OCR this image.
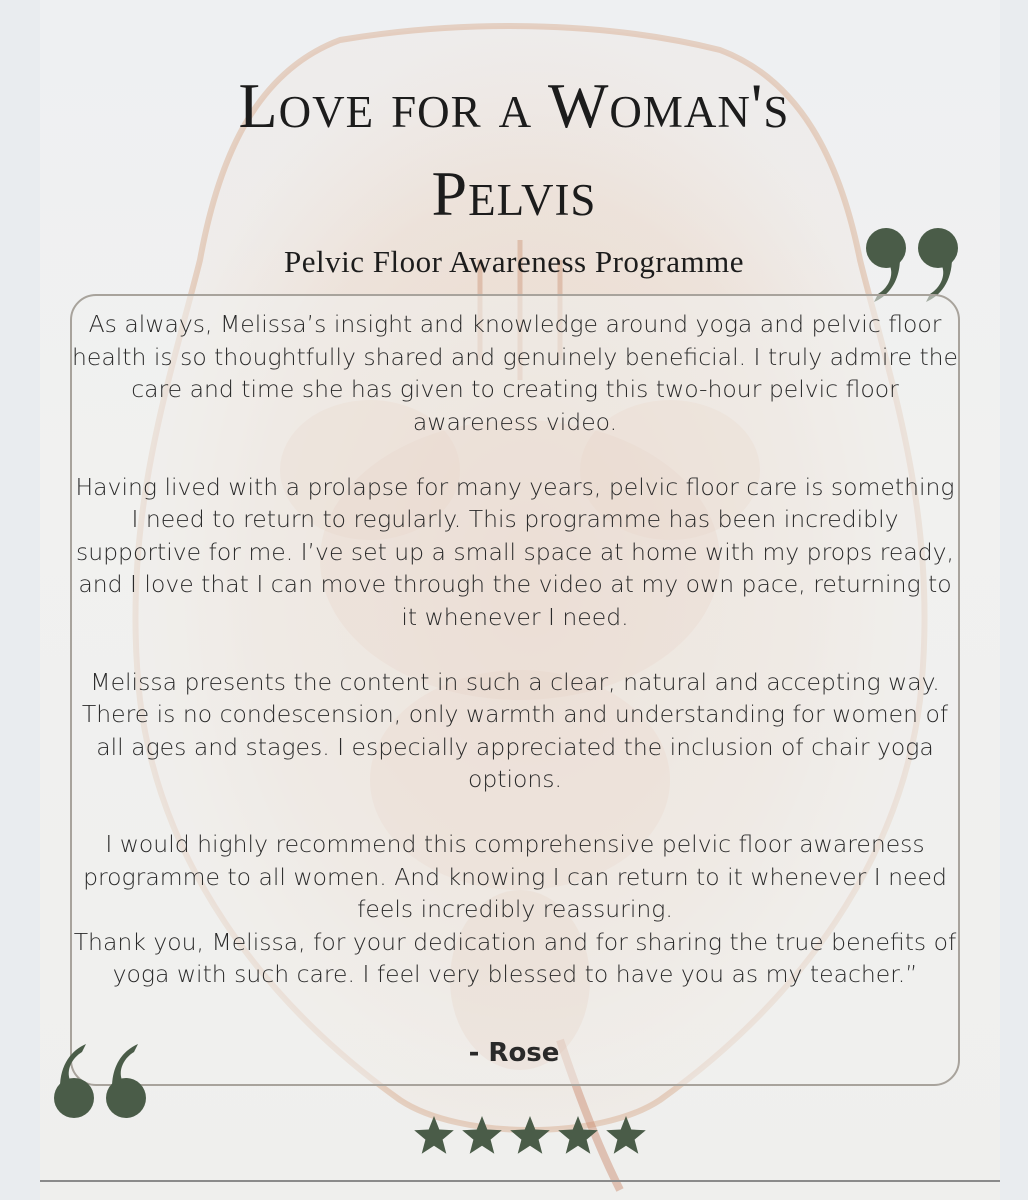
Love for a Woman's
Pelvis
Pelvic Floor Awareness Programme

As always, Melissa’s insight and knowledge around yoga and pelvic floor health is so thoughtfully shared and genuinely beneficial. I truly admire the care and time she has given to creating this two-hour pelvic floor awareness video.

Having lived with a prolapse for many years, pelvic floor care is something I need to return to regularly. This programme has been incredibly supportive for me. I’ve set up a small space at home with my props ready, and I love that I can move through the video at my own pace, returning to it whenever I need.

Melissa presents the content in such a clear, natural and accepting way. There is no condescension, only warmth and understanding for women of all ages and stages. I especially appreciated the inclusion of chair yoga options.

I would highly recommend this comprehensive pelvic floor awareness programme to all women. And knowing I can return to it whenever I need feels incredibly reassuring.

Thank you, Melissa, for your dedication and for sharing the true benefits of yoga with such care. I feel very blessed to have you as my teacher.”

- Rose
